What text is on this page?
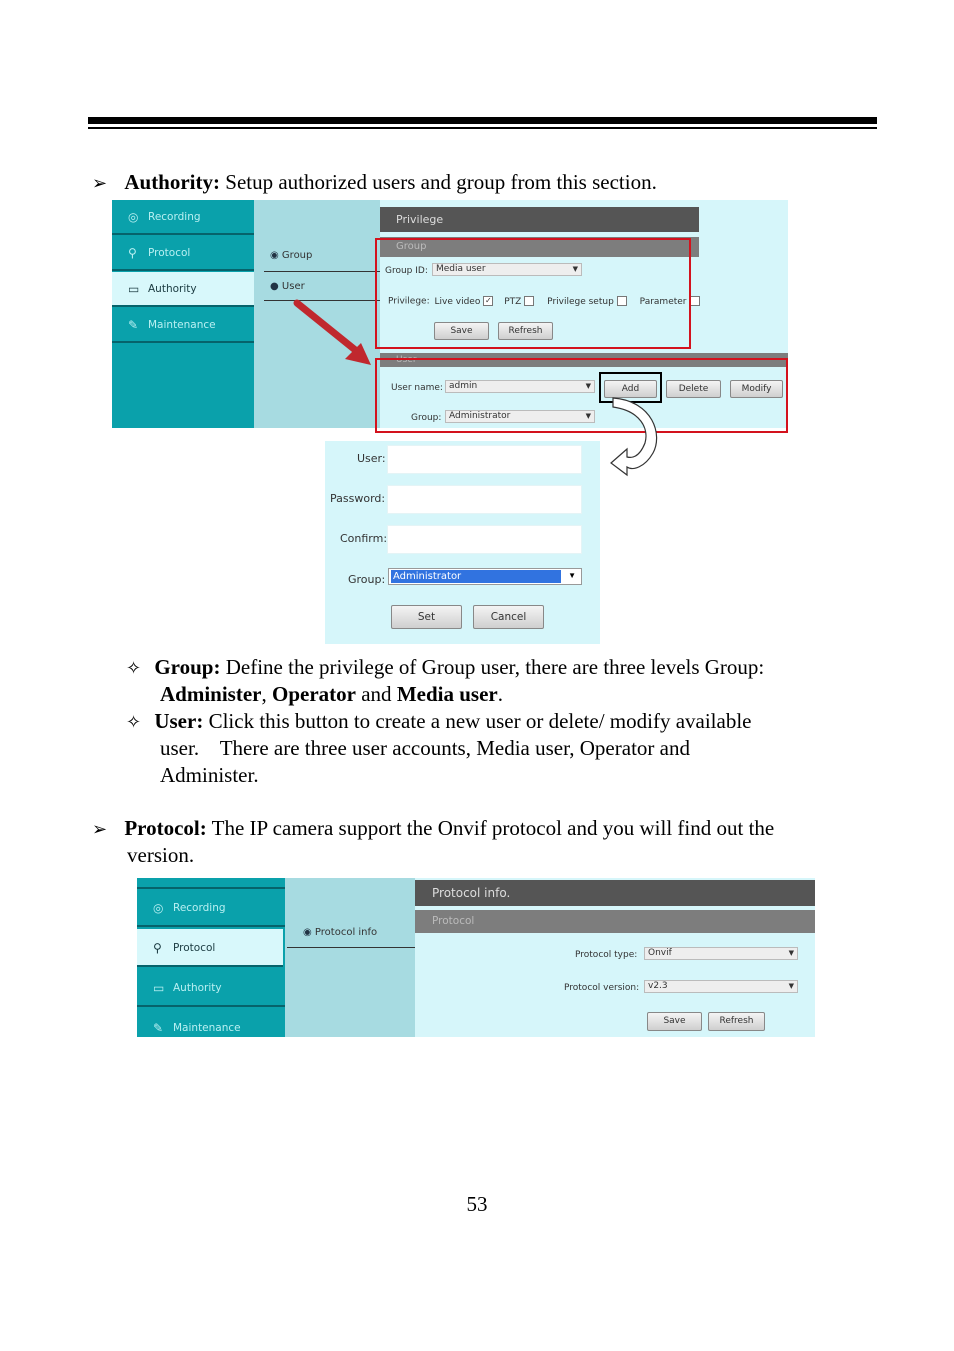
➢ Authority: Setup authorized users and group from this section.
◎ Recording
⚲ Protocol
▭ Authority
✎ Maintenance
◉ Group
● User
Privilege
Group
Group ID: Media user	▼
Privilege: Live video ✓ PTZ	Privilege setup	Parameter
Save	Refresh
User
User name: admin	▼
Group: Administrator	▼
Add	Delete	Modify
User:
Password:
Confirm:
Group: Administrator	▼
Set	Cancel
✧ Group: Define the privilege of Group user, there are three levels Group:
Administer, Operator and Media user.
✧ User: Click this button to create a new user or delete/ modify available
user.    There are three user accounts, Media user, Operator and
Administer.
➢ Protocol: The IP camera support the Onvif protocol and you will find out the
version.
◎ Recording
⚲ Protocol
▭ Authority
✎ Maintenance
◉ Protocol info
Protocol info.
Protocol
Protocol type:	Onvif	▼
Protocol version: v2.3	▼
Save	Refresh
53
